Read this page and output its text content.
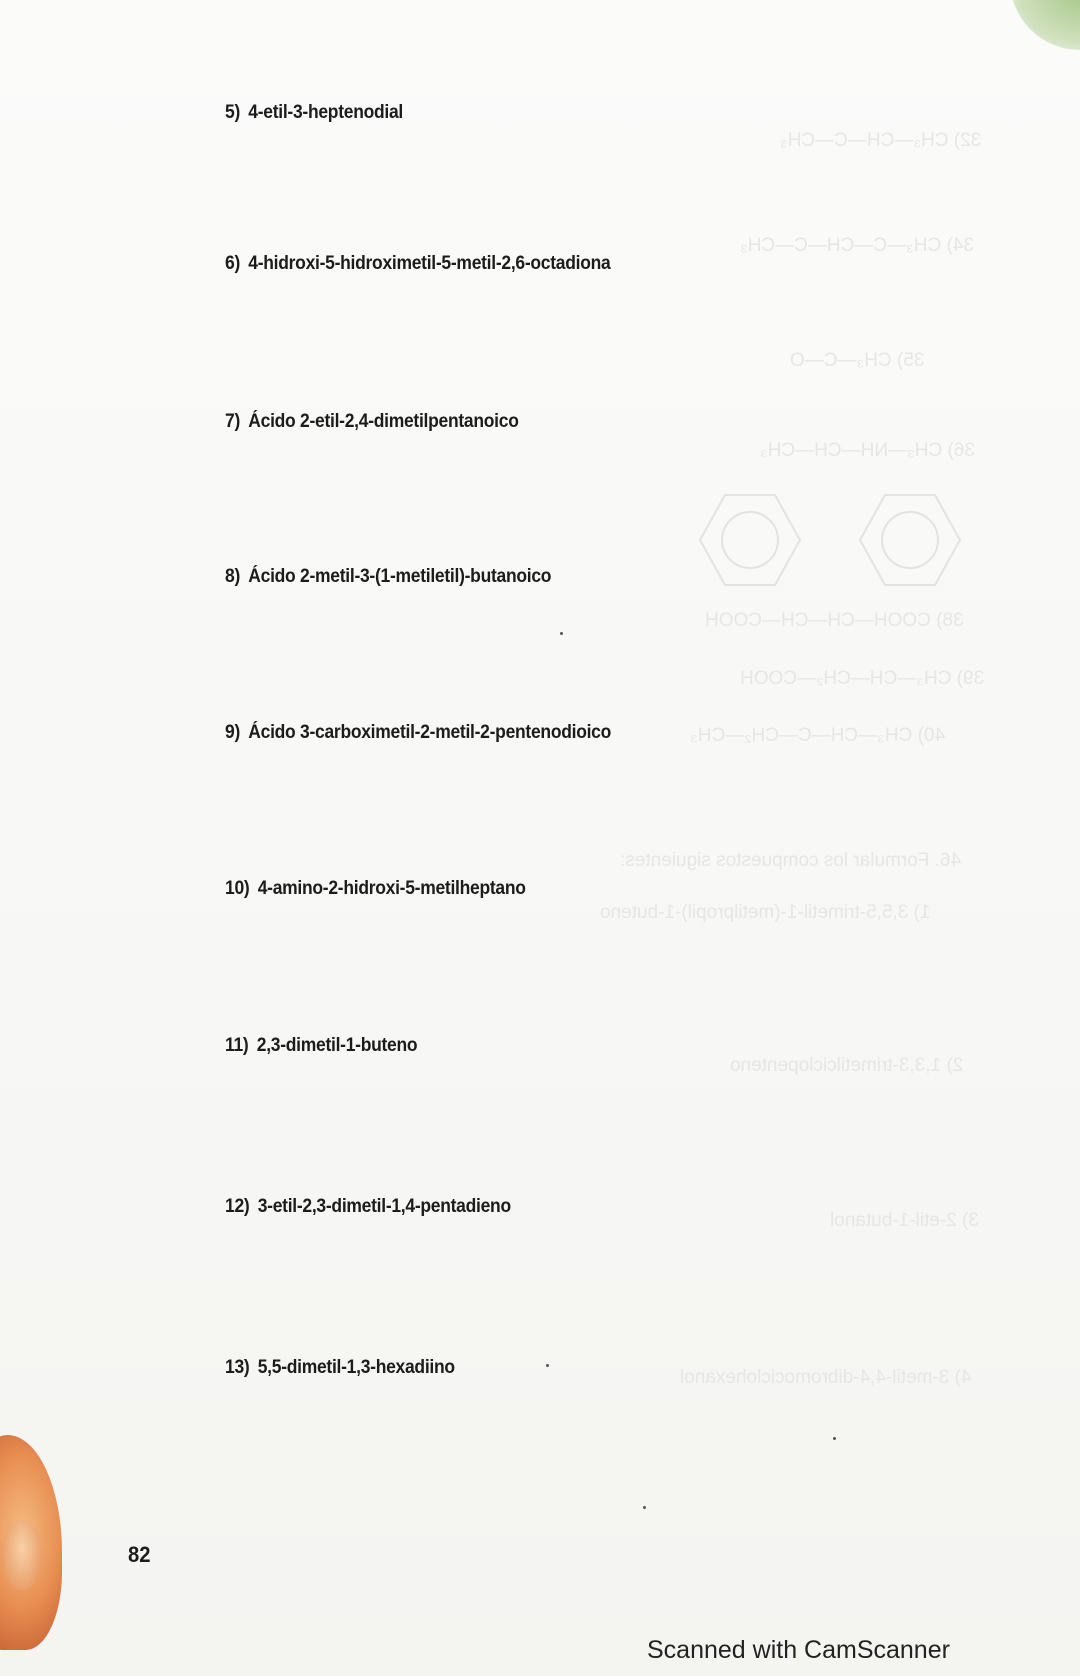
32) CH₃—CH—C—CH₃
34) CH₃—C—CH—C—CH₃
35) CH₃—C—O
36) CH₃—NH—CH—CH₃
38) COOH—CH—CH—COOH
39) CH₃—CH—CH₂—COOH
40) CH₃—CH—C—CH₂—CH₃
46. Formular los compuestos siguientes:
1) 3,5,5-trimetil-1-(metilpropil)-1-buteno
2) 1,3,3-trimetilciclopenteno
3) 2-etil-1-butanol
4) 3-metil-4,4-dibromociclohexanol
5) 4-etil-3-heptenodial
6) 4-hidroxi-5-hidroximetil-5-metil-2,6-octadiona
7) Ácido 2-etil-2,4-dimetilpentanoico
8) Ácido 2-metil-3-(1-metiletil)-butanoico
9) Ácido 3-carboximetil-2-metil-2-pentenodioico
10) 4-amino-2-hidroxi-5-metilheptano
11) 2,3-dimetil-1-buteno
12) 3-etil-2,3-dimetil-1,4-pentadieno
13) 5,5-dimetil-1,3-hexadiino
82
Scanned with CamScanner
